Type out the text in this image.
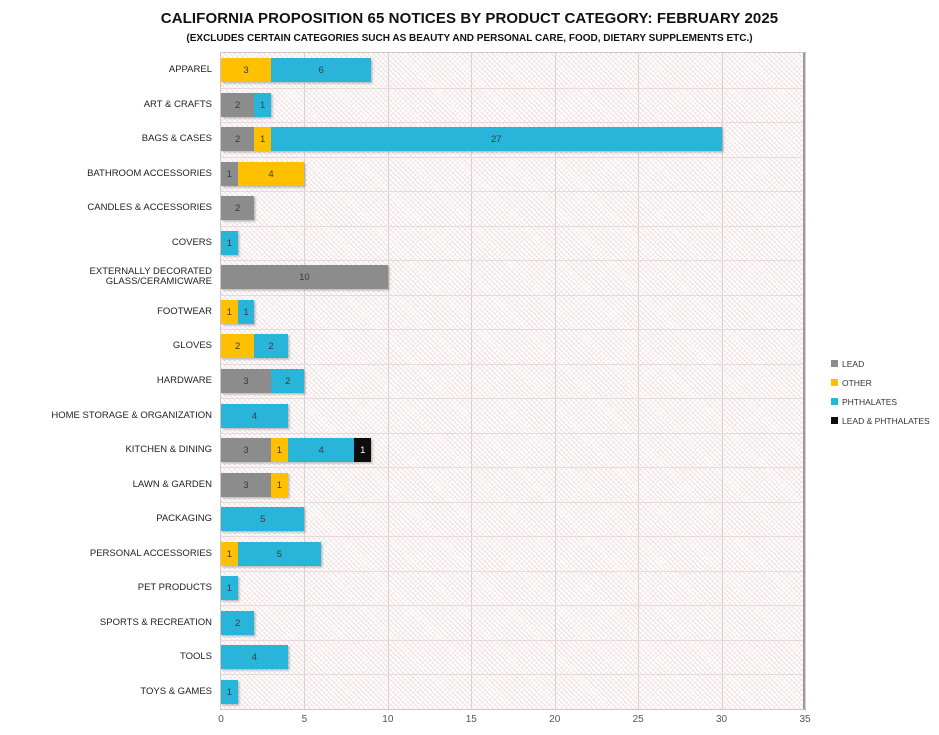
CALIFORNIA PROPOSITION 65 NOTICES BY PRODUCT CATEGORY: FEBRUARY 2025
(EXCLUDES CERTAIN CATEGORIES SUCH AS BEAUTY AND PERSONAL CARE, FOOD, DIETARY SUPPLEMENTS ETC.)
3	6
2 1
2 1	27
1	4
2
1
10
1 1
2	2
3	2
4
3	1	4	1
3	1
5
1	5
1
2
4
1
APPAREL
ART & CRAFTS
BAGS & CASES
BATHROOM ACCESSORIES
CANDLES & ACCESSORIES
COVERS
EXTERNALLY DECORATED GLASS/CERAMICWARE
FOOTWEAR
GLOVES
HARDWARE
HOME STORAGE & ORGANIZATION
KITCHEN & DINING
LAWN & GARDEN
PACKAGING
PERSONAL ACCESSORIES
PET PRODUCTS
SPORTS & RECREATION
TOOLS
TOYS & GAMES
0	5	10	15	20	25	30	35
LEAD
OTHER
PHTHALATES
LEAD & PHTHALATES
